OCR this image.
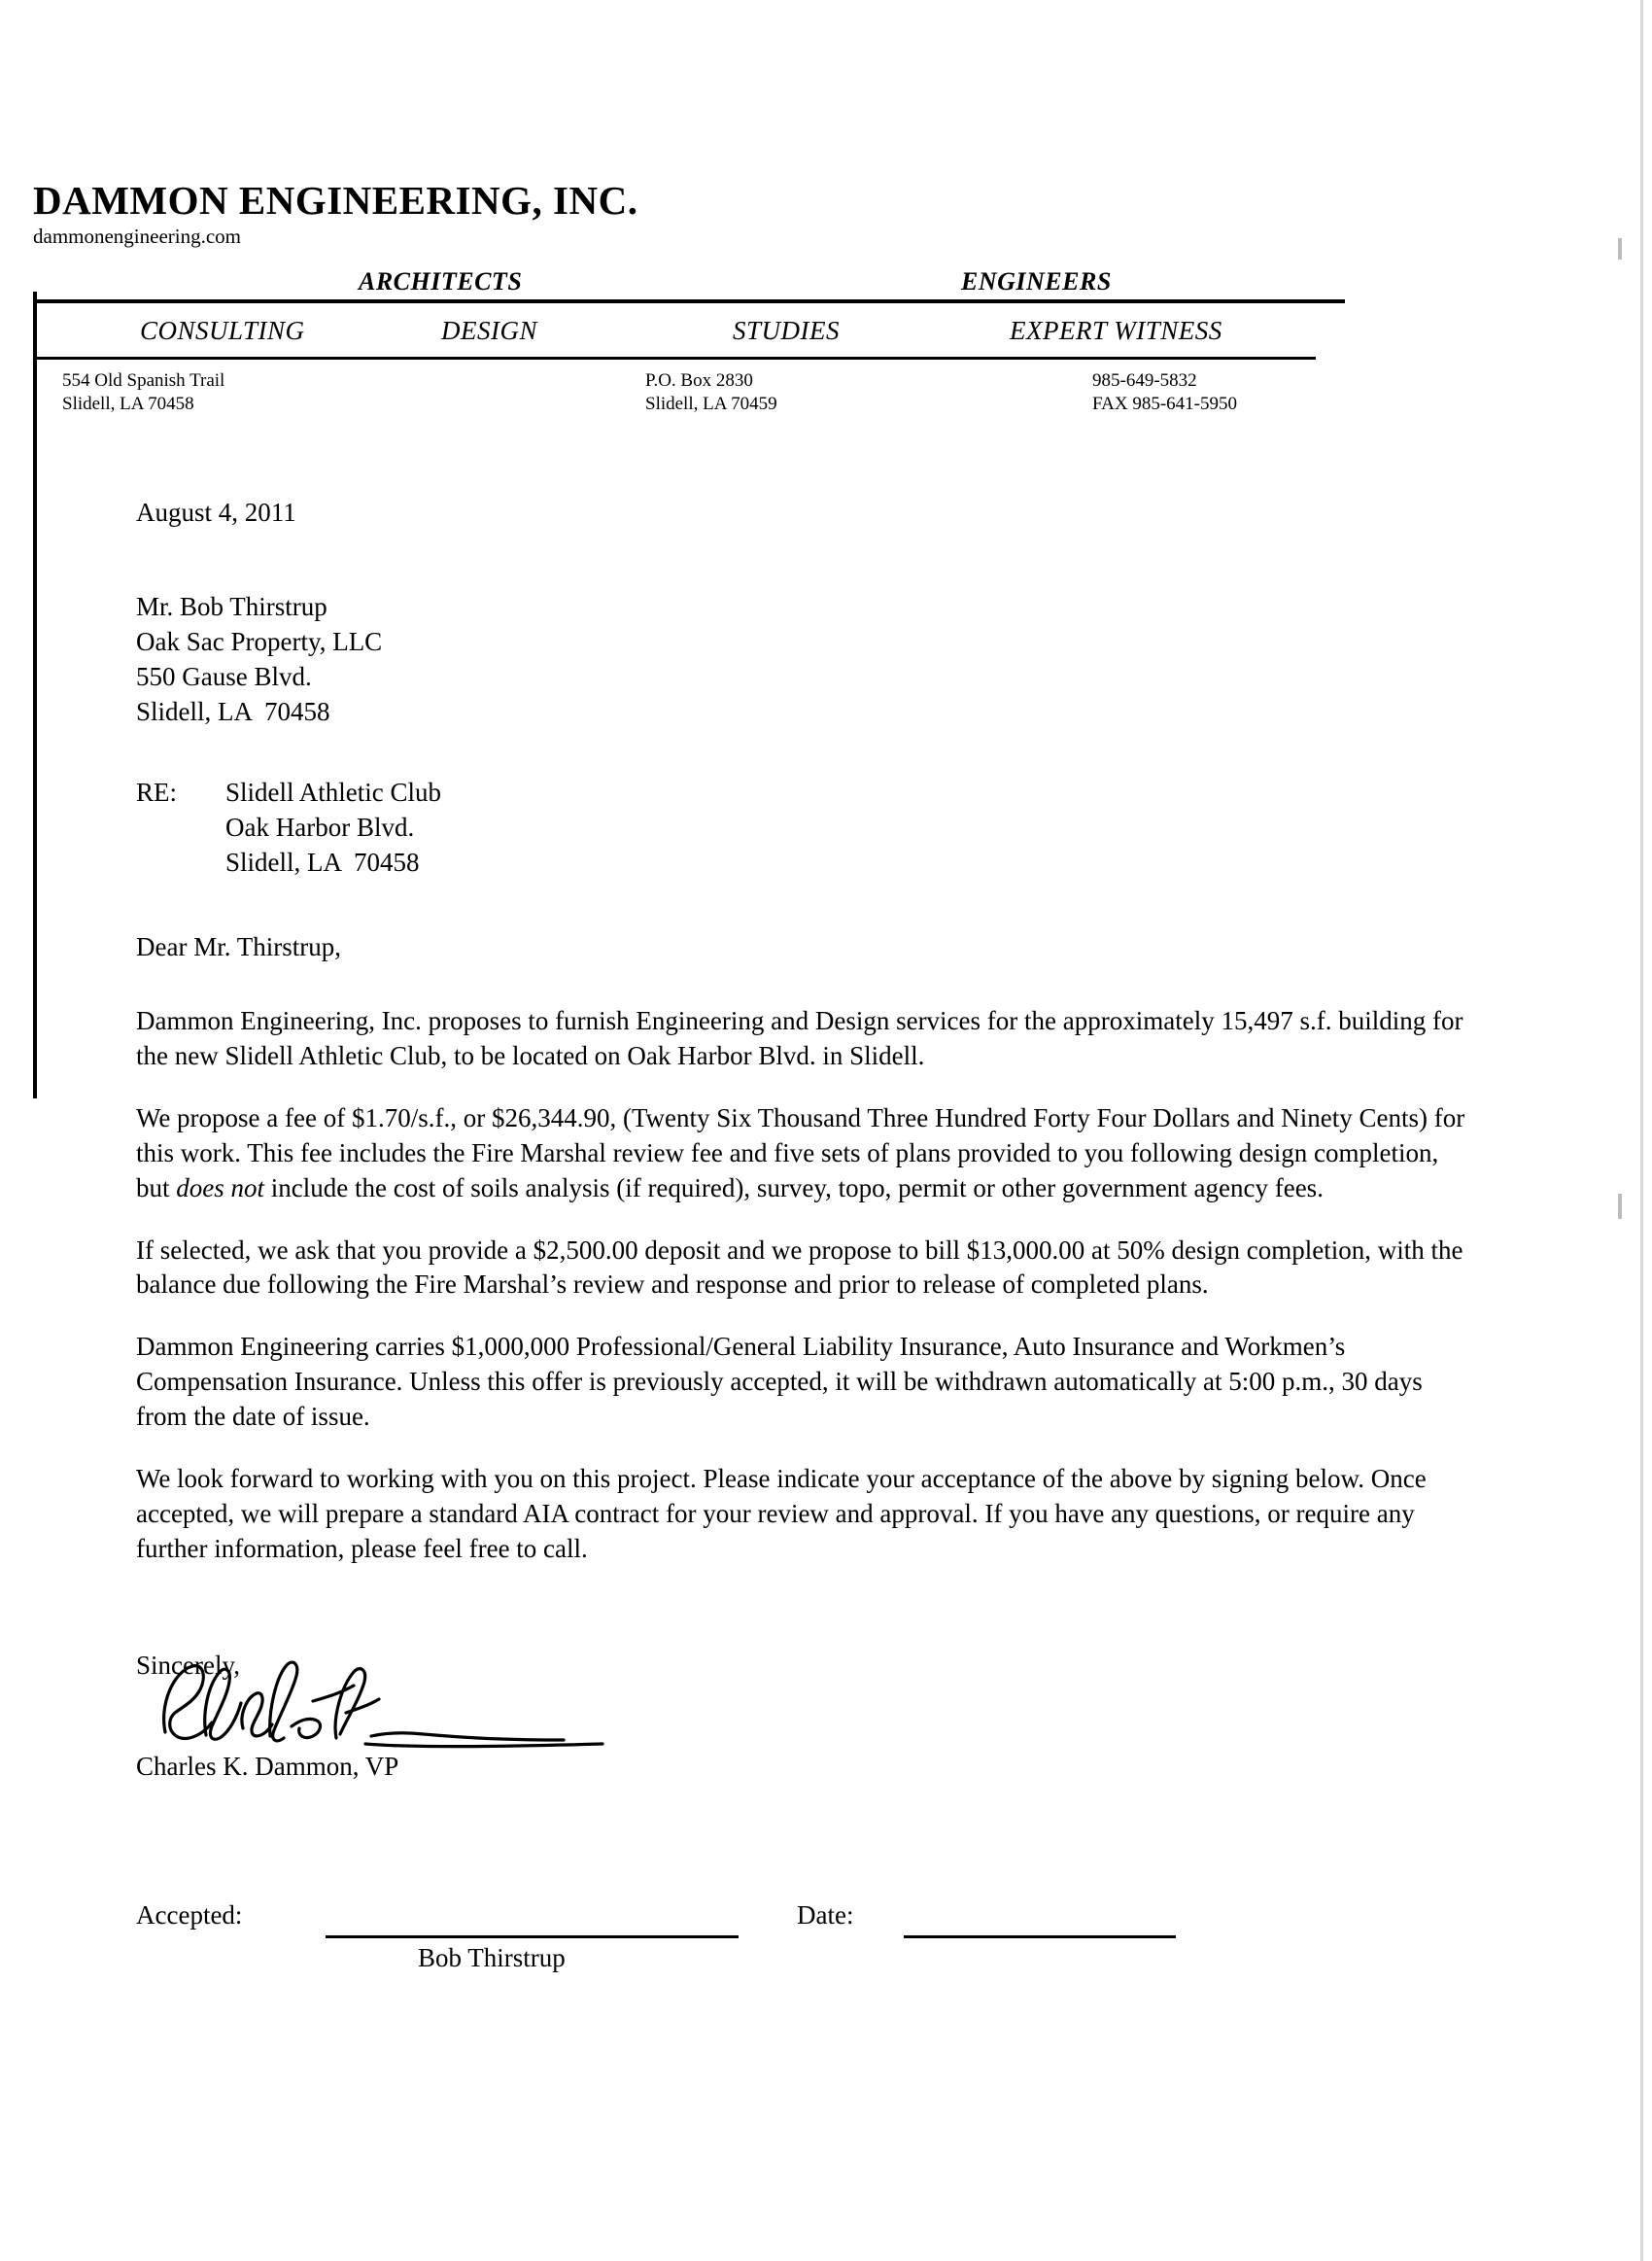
DAMMON ENGINEERING, INC.
dammonengineering.com
ARCHITECTS	ENGINEERS
CONSULTING	DESIGN	STUDIES	EXPERT WITNESS
554 Old Spanish Trail
Slidell, LA 70458
P.O. Box 2830
Slidell, LA 70459
985-649-5832
FAX 985-641-5950
August 4, 2011
Mr. Bob Thirstrup
Oak Sac Property, LLC
550 Gause Blvd.
Slidell, LA  70458
RE:	Slidell Athletic Club
Oak Harbor Blvd.
Slidell, LA  70458
Dear Mr. Thirstrup,
Dammon Engineering, Inc. proposes to furnish Engineering and Design services for the approximately 15,497 s.f. building for the new Slidell Athletic Club, to be located on Oak Harbor Blvd. in Slidell.
We propose a fee of $1.70/s.f., or $26,344.90, (Twenty Six Thousand Three Hundred Forty Four Dollars and Ninety Cents) for this work. This fee includes the Fire Marshal review fee and five sets of plans provided to you following design completion, but does not include the cost of soils analysis (if required), survey, topo, permit or other government agency fees.
If selected, we ask that you provide a $2,500.00 deposit and we propose to bill $13,000.00 at 50% design completion, with the balance due following the Fire Marshal’s review and response and prior to release of completed plans.
Dammon Engineering carries $1,000,000 Professional/General Liability Insurance, Auto Insurance and Workmen’s Compensation Insurance. Unless this offer is previously accepted, it will be withdrawn automatically at 5:00 p.m., 30 days from the date of issue.
We look forward to working with you on this project. Please indicate your acceptance of the above by signing below. Once accepted, we will prepare a standard AIA contract for your review and approval. If you have any questions, or require any further information, please feel free to call.
Sincerely,
Charles K. Dammon, VP
Accepted:
Bob Thirstrup
Date:
